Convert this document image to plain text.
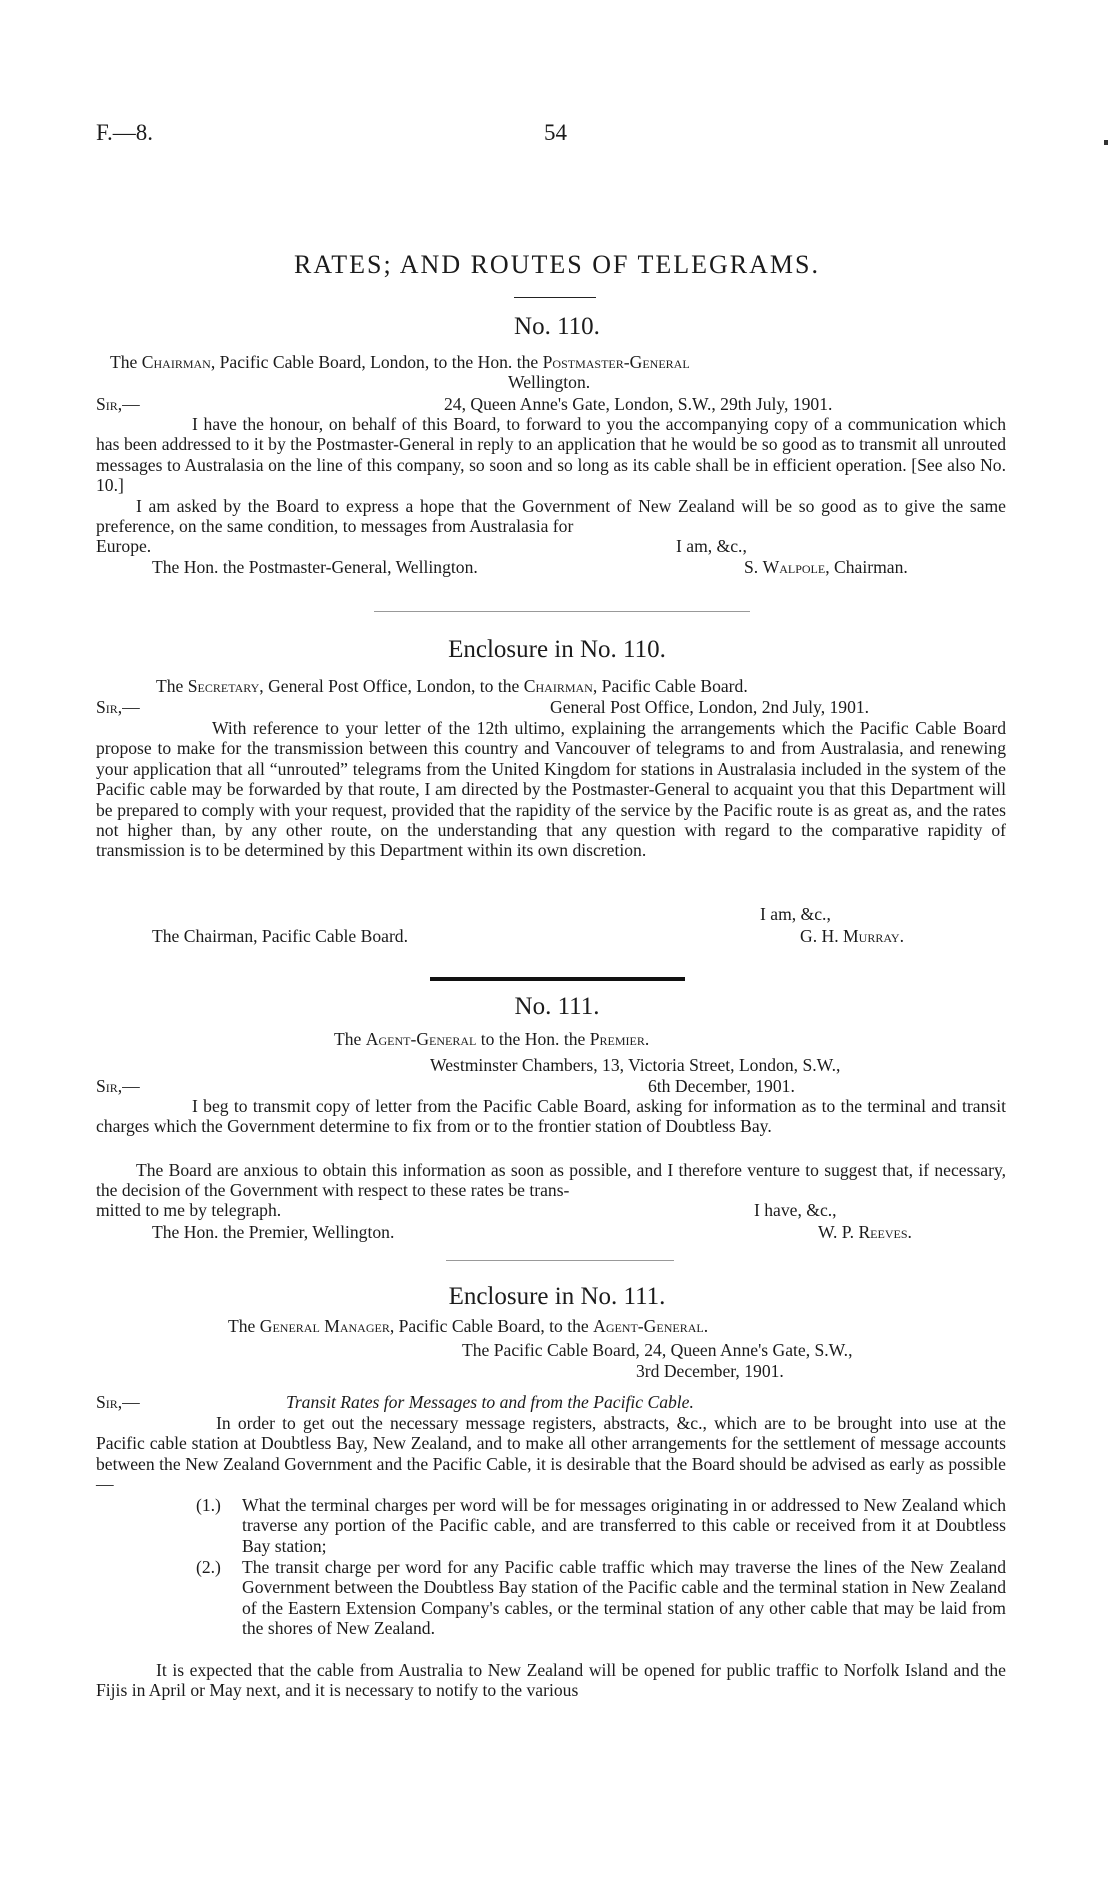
F.—8.	54
RATES; AND ROUTES OF TELEGRAMS.
No. 110.
The Chairman, Pacific Cable Board, London, to the Hon. the Postmaster-General
Wellington.
Sir,—	24, Queen Anne's Gate, London, S.W., 29th July, 1901.
I have the honour, on behalf of this Board, to forward to you the accompanying copy of a communication which has been addressed to it by the Postmaster-General in reply to an application that he would be so good as to transmit all unrouted messages to Australasia on the line of this company, so soon and so long as its cable shall be in efficient operation. [See also No. 10.]
I am asked by the Board to express a hope that the Government of New Zealand will be so good as to give the same preference, on the same condition, to messages from Australasia for
Europe.	I am, &c.,
The Hon. the Postmaster-General, Wellington.	S. Walpole, Chairman.
Enclosure in No. 110.
The Secretary, General Post Office, London, to the Chairman, Pacific Cable Board.
Sir,—	General Post Office, London, 2nd July, 1901.
With reference to your letter of the 12th ultimo, explaining the arrangements which the Pacific Cable Board propose to make for the transmission between this country and Vancouver of telegrams to and from Australasia, and renewing your application that all “unrouted” telegrams from the United Kingdom for stations in Australasia included in the system of the Pacific cable may be forwarded by that route, I am directed by the Postmaster-General to acquaint you that this Department will be prepared to comply with your request, provided that the rapidity of the service by the Pacific route is as great as, and the rates not higher than, by any other route, on the understanding that any question with regard to the comparative rapidity of transmission is to be determined by this Department within its own discretion.
I am, &c.,
The Chairman, Pacific Cable Board.	G. H. Murray.
No. 111.
The Agent-General to the Hon. the Premier.
Westminster Chambers, 13, Victoria Street, London, S.W.,
Sir,—	6th December, 1901.
I beg to transmit copy of letter from the Pacific Cable Board, asking for information as to the terminal and transit charges which the Government determine to fix from or to the frontier station of Doubtless Bay.
The Board are anxious to obtain this information as soon as possible, and I therefore venture to suggest that, if necessary, the decision of the Government with respect to these rates be trans-
mitted to me by telegraph.	I have, &c.,
The Hon. the Premier, Wellington.	W. P. Reeves.
Enclosure in No. 111.
The General Manager, Pacific Cable Board, to the Agent-General.
The Pacific Cable Board, 24, Queen Anne's Gate, S.W.,
3rd December, 1901.
Sir,—	Transit Rates for Messages to and from the Pacific Cable.
In order to get out the necessary message registers, abstracts, &c., which are to be brought into use at the Pacific cable station at Doubtless Bay, New Zealand, and to make all other arrangements for the settlement of message accounts between the New Zealand Government and the Pacific Cable, it is desirable that the Board should be advised as early as possible—
(1.)	What the terminal charges per word will be for messages originating in or addressed to New Zealand which traverse any portion of the Pacific cable, and are transferred to this cable or received from it at Doubtless Bay station;
(2.)	The transit charge per word for any Pacific cable traffic which may traverse the lines of the New Zealand Government between the Doubtless Bay station of the Pacific cable and the terminal station in New Zealand of the Eastern Extension Company's cables, or the terminal station of any other cable that may be laid from the shores of New Zealand.
It is expected that the cable from Australia to New Zealand will be opened for public traffic to Norfolk Island and the Fijis in April or May next, and it is necessary to notify to the various
